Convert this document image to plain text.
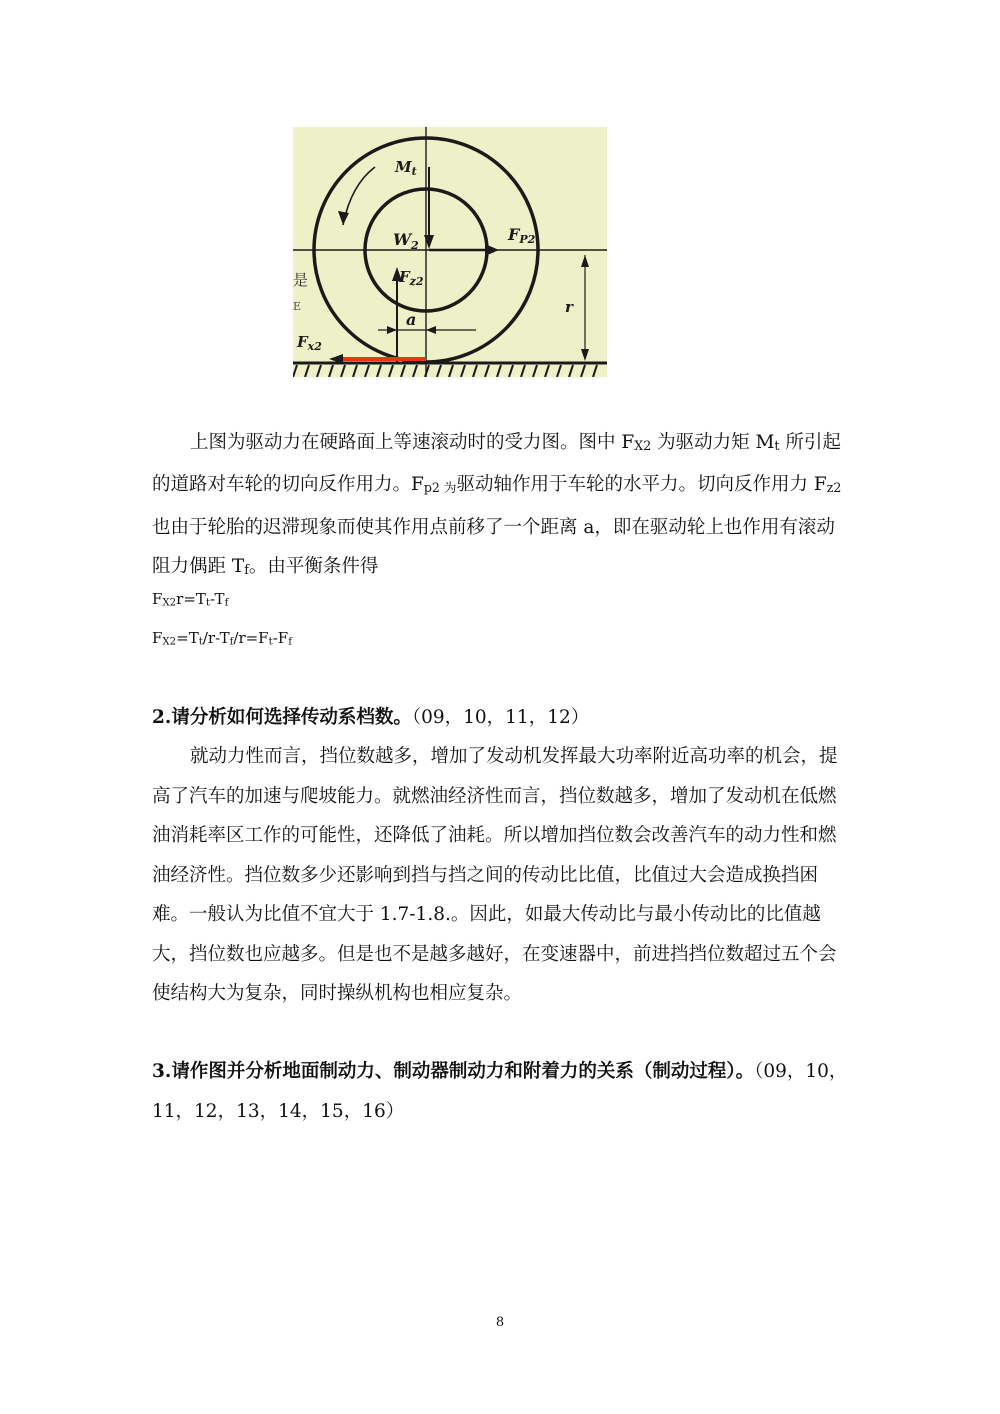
$M_t$
$W_2$
FP2
$F_{z2}$
a
r
$F_{x2}$
是
E

上图为驱动力在硬路面上等速滚动时的受力图。图中 $F_{X2}$ 为驱动力矩 $M_t$ 所引起的道路对车轮的切向反作用力。$F_{p2 为}$驱动轴作用于车轮的水平力。切向反作用力 $F_{z2}$ 也由于轮胎的迟滞现象而使其作用点前移了一个距离 a，即在驱动轮上也作用有滚动阻力偶距 $T_f$。由平衡条件得

$F_{X2}r=T_t-T_f$

$F_{X2}=T_t/r-T_f/r=F_t-F_f$

2.请分析如何选择传动系档数。（09，10，11，12）

就动力性而言，挡位数越多，增加了发动机发挥最大功率附近高功率的机会，提高了汽车的加速与爬坡能力。就燃油经济性而言，挡位数越多，增加了发动机在低燃油消耗率区工作的可能性，还降低了油耗。所以增加挡位数会改善汽车的动力性和燃油经济性。挡位数多少还影响到挡与挡之间的传动比比值，比值过大会造成换挡困难。一般认为比值不宜大于 1.7-1.8.。因此，如最大传动比与最小传动比的比值越大，挡位数也应越多。但是也不是越多越好，在变速器中，前进挡挡位数超过五个会使结构大为复杂，同时操纵机构也相应复杂。

3.请作图并分析地面制动力、制动器制动力和附着力的关系（制动过程）。（09，10，11，12，13，14，15，16）

8
